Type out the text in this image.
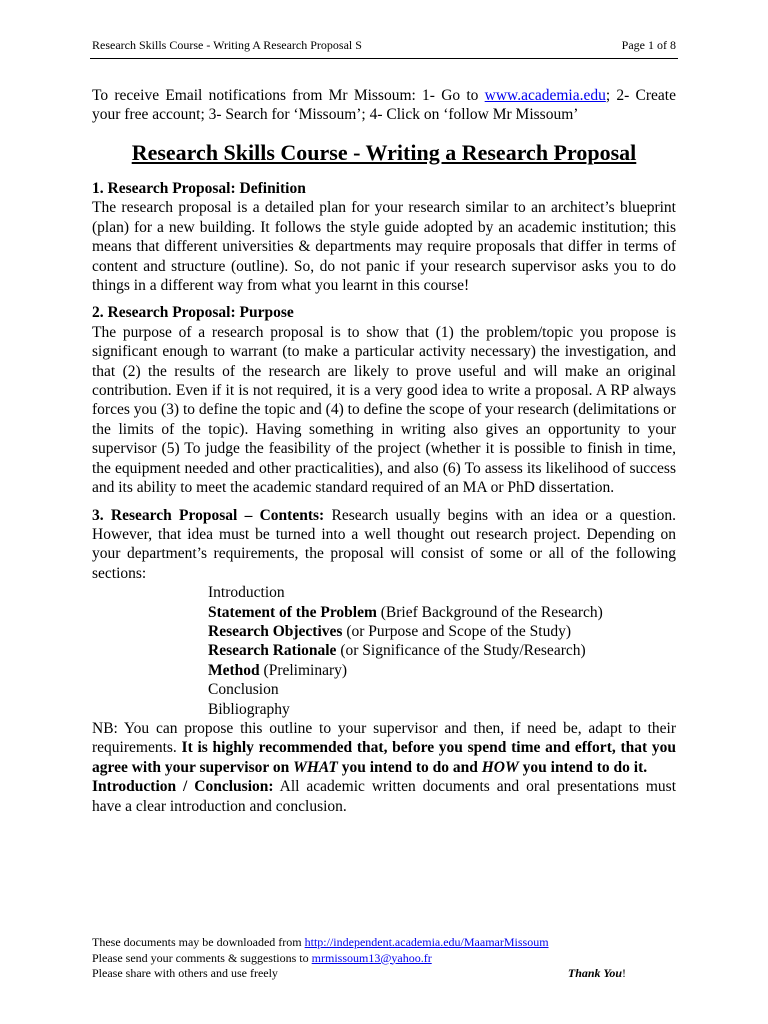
Research Skills Course - Writing A Research Proposal S	Page 1 of 8
To receive Email notifications from Mr Missoum: 1- Go to www.academia.edu; 2- Create your free account; 3- Search for ‘Missoum’; 4- Click on ‘follow Mr Missoum’
Research Skills Course - Writing a Research Proposal
1. Research Proposal: Definition

The research proposal is a detailed plan for your research similar to an architect’s blueprint (plan) for a new building. It follows the style guide adopted by an academic institution; this means that different universities & departments may require proposals that differ in terms of content and structure (outline). So, do not panic if your research supervisor asks you to do things in a different way from what you learnt in this course!

2. Research Proposal: Purpose

The purpose of a research proposal is to show that (1) the problem/topic you propose is significant enough to warrant (to make a particular activity necessary) the investigation, and that (2) the results of the research are likely to prove useful and will make an original contribution. Even if it is not required, it is a very good idea to write a proposal. A RP always forces you (3) to define the topic and (4) to define the scope of your research (delimitations or the limits of the topic). Having something in writing also gives an opportunity to your supervisor (5) To judge the feasibility of the project (whether it is possible to finish in time, the equipment needed and other practicalities), and also (6) To assess its likelihood of success and its ability to meet the academic standard required of an MA or PhD dissertation.

3. Research Proposal – Contents: Research usually begins with an idea or a question. However, that idea must be turned into a well thought out research project. Depending on your department’s requirements, the proposal will consist of some or all of the following sections:

Introduction
Statement of the Problem (Brief Background of the Research)
Research Objectives (or Purpose and Scope of the Study)
Research Rationale (or Significance of the Study/Research)
Method (Preliminary)
Conclusion
Bibliography

NB: You can propose this outline to your supervisor and then, if need be, adapt to their requirements. It is highly recommended that, before you spend time and effort, that you agree with your supervisor on WHAT you intend to do and HOW you intend to do it.

Introduction / Conclusion: All academic written documents and oral presentations must have a clear introduction and conclusion.

These documents may be downloaded from http://independent.academia.edu/MaamarMissoum
Please send your comments & suggestions to mrmissoum13@yahoo.fr
Please share with others and use freely	Thank You!
